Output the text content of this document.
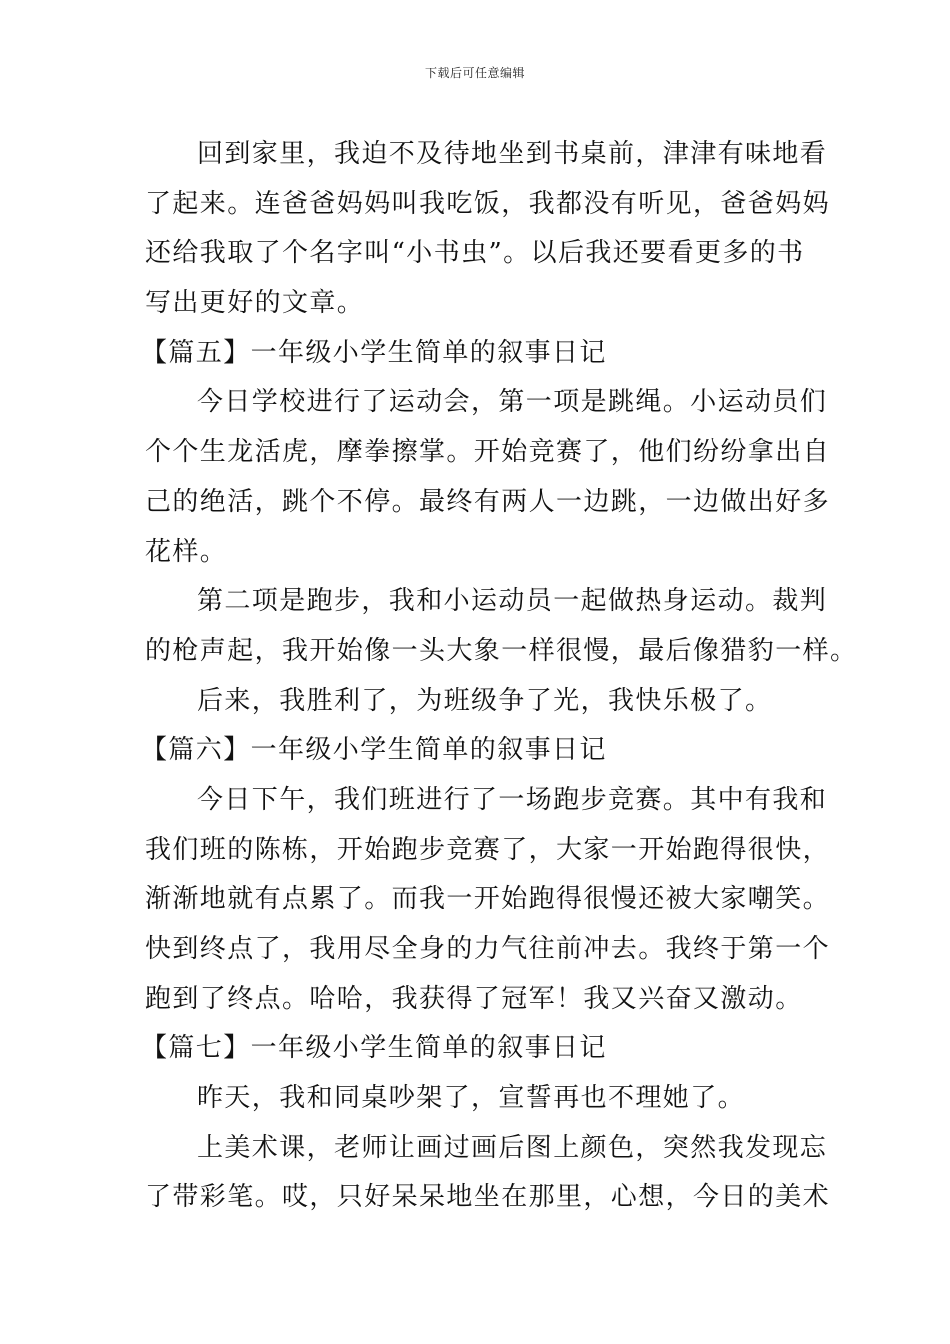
下载后可任意编辑
回到家里，我迫不及待地坐到书桌前，津津有味地看
了起来。连爸爸妈妈叫我吃饭，我都没有听见，爸爸妈妈
还给我取了个名字叫“小书虫”。以后我还要看更多的书
写出更好的文章。
【篇五】一年级小学生简单的叙事日记
今日学校进行了运动会，第一项是跳绳。小运动员们
个个生龙活虎，摩拳擦掌。开始竞赛了，他们纷纷拿出自
己的绝活，跳个不停。最终有两人一边跳，一边做出好多
花样。
第二项是跑步，我和小运动员一起做热身运动。裁判
的枪声起，我开始像一头大象一样很慢，最后像猎豹一样。
后来，我胜利了，为班级争了光，我快乐极了。
【篇六】一年级小学生简单的叙事日记
今日下午，我们班进行了一场跑步竞赛。其中有我和
我们班的陈栋，开始跑步竞赛了，大家一开始跑得很快，
渐渐地就有点累了。而我一开始跑得很慢还被大家嘲笑。
快到终点了，我用尽全身的力气往前冲去。我终于第一个
跑到了终点。哈哈，我获得了冠军！我又兴奋又激动。
【篇七】一年级小学生简单的叙事日记
昨天，我和同桌吵架了，宣誓再也不理她了。
上美术课，老师让画过画后图上颜色，突然我发现忘
了带彩笔。哎，只好呆呆地坐在那里，心想，今日的美术
